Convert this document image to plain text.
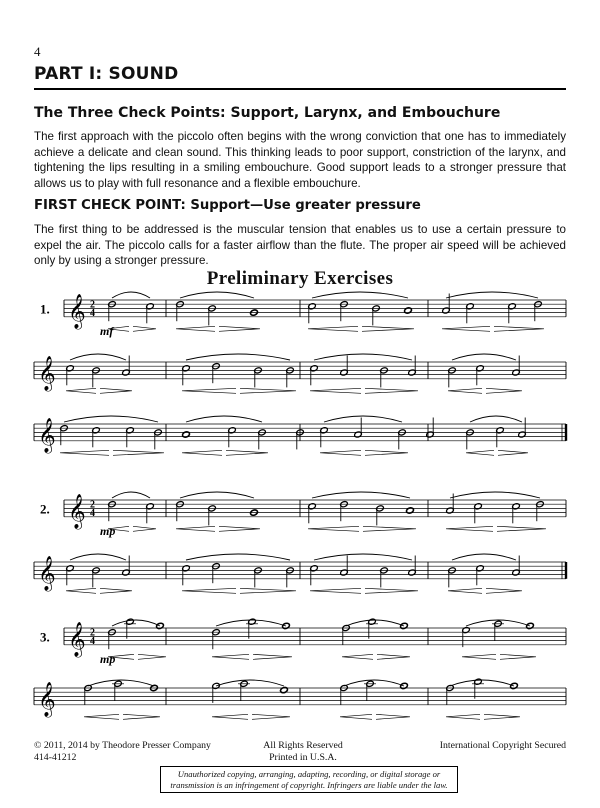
4
PART I: SOUND
The Three Check Points: Support, Larynx, and Embouchure
The first approach with the piccolo often begins with the wrong conviction that one has to immediately achieve a delicate and clean sound. This thinking leads to poor support, constriction of the larynx, and tightening the lips resulting in a smiling embouchure. Good support leads to a stronger pressure that allows us to play with full resonance and a flexible embouchure.
FIRST CHECK POINT: Support—Use greater pressure
The first thing to be addressed is the muscular tension that enables us to use a certain pressure to expel the air. The piccolo calls for a faster airflow than the flute. The proper air speed will be achieved only by using a stronger pressure.
Preliminary Exercises
𝄞 2
4
1.
mf
𝄞
𝄞
𝄞 2
4
2.
mp
𝄞
𝄞 2
4
3.
mp
𝄞
© 2011, 2014 by Theodore Presser Company
414-41212
All Rights Reserved
Printed in U.S.A.
International Copyright Secured
Unauthorized copying, arranging, adapting, recording, or digital storage or transmission is an infringement of copyright. Infringers are liable under the law.
